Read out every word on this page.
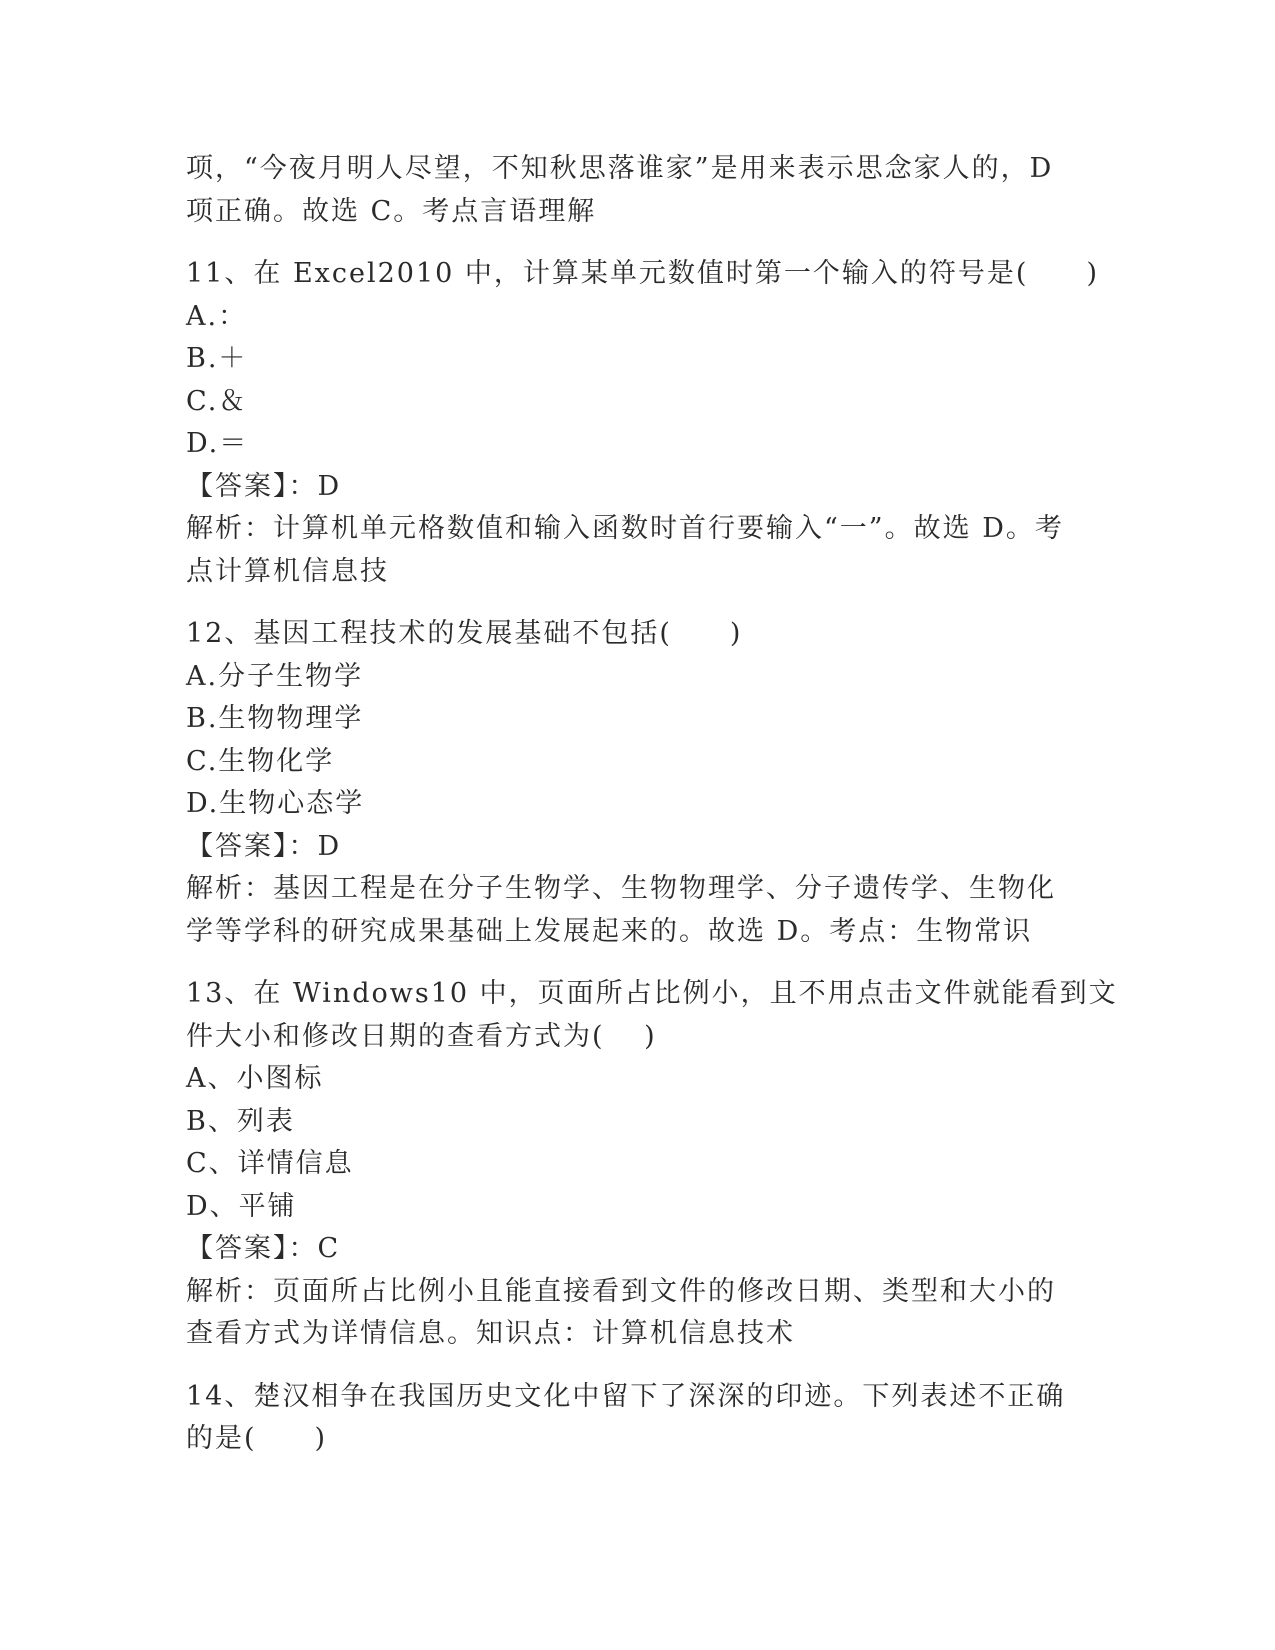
项，“今夜月明人尽望，不知秋思落谁家”是用来表示思念家人的，D
项正确。故选 C。考点言语理解
11、在 Excel2010 中，计算某单元数值时第一个输入的符号是(　　)
A.：
B.＋
C.＆
D.＝
【答案】：D
解析：计算机单元格数值和输入函数时首行要输入“一”。故选 D。考
点计算机信息技
12、基因工程技术的发展基础不包括(　　)
A.分子生物学
B.生物物理学
C.生物化学
D.生物心态学
【答案】：D
解析：基因工程是在分子生物学、生物物理学、分子遗传学、生物化
学等学科的研究成果基础上发展起来的。故选 D。考点：生物常识
13、在 Windows10 中，页面所占比例小，且不用点击文件就能看到文
件大小和修改日期的查看方式为(　 )
A、小图标
B、列表
C、详情信息
D、平铺
【答案】：C
解析：页面所占比例小且能直接看到文件的修改日期、类型和大小的
查看方式为详情信息。知识点：计算机信息技术
14、楚汉相争在我国历史文化中留下了深深的印迹。下列表述不正确
的是(　　)
